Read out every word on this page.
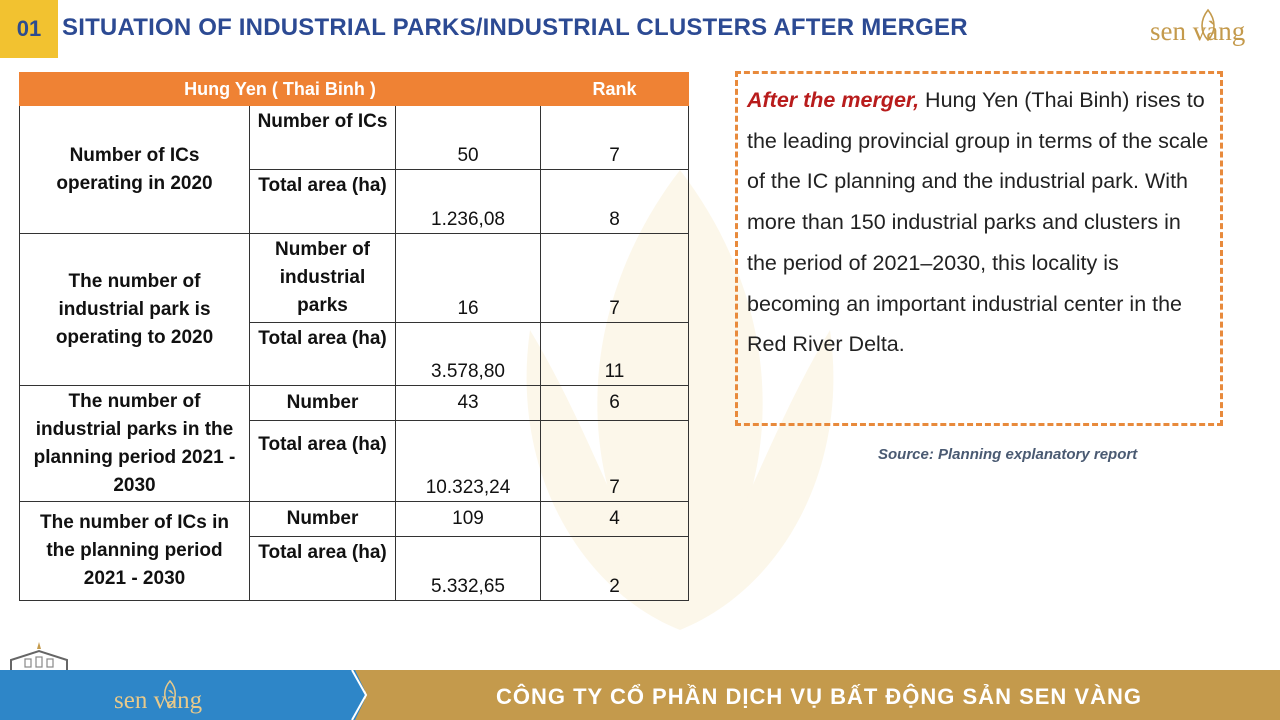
01 SITUATION OF INDUSTRIAL PARKS/INDUSTRIAL CLUSTERS AFTER MERGER	sen vàng
Hung Yen ( Thai Binh )			Rank
Number of ICs operating in 2020	Number of ICs	50	7
	Total area (ha)	1.236,08	8
The number of industrial park is operating to 2020	Number of industrial parks	16	7
	Total area (ha)	3.578,80	11
The number of industrial parks in the planning period 2021 - 2030	Number	43	6
	Total area (ha)	10.323,24	7
The number of ICs in the planning period 2021 - 2030	Number	109	4
	Total area (ha)	5.332,65	2

After the merger, Hung Yen (Thai Binh) rises to the leading provincial group in terms of the scale of the IC planning and the industrial park. With more than 150 industrial parks and clusters in the period of 2021–2030, this locality is becoming an important industrial center in the Red River Delta.

Source: Planning explanatory report
sen vàng	CÔNG TY CỔ PHẦN DỊCH VỤ BẤT ĐỘNG SẢN SEN VÀNG
